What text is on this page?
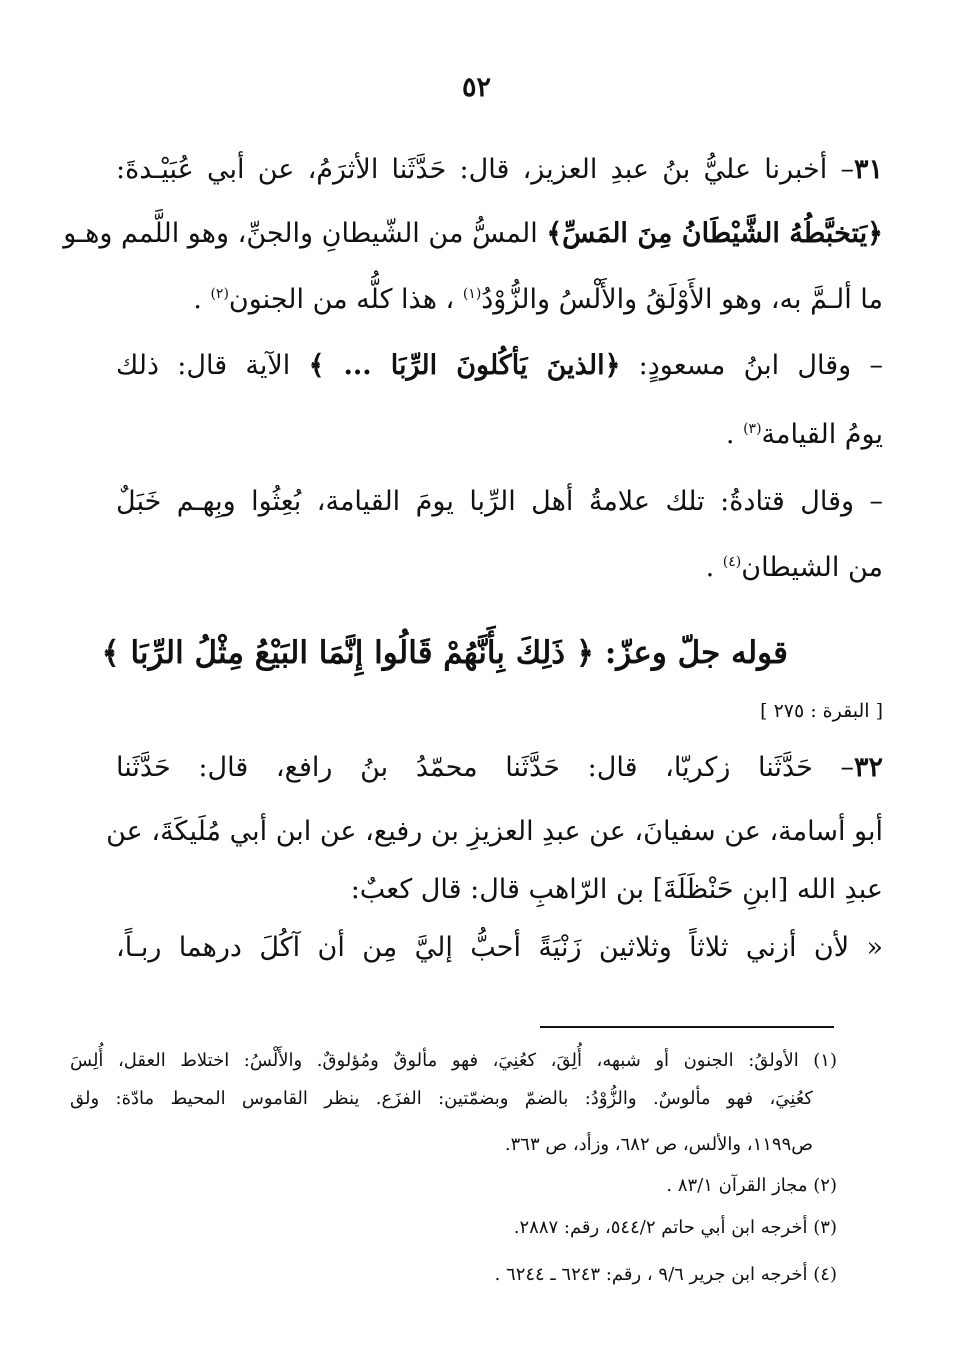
٥٢
٣١– أخبرنا عليُّ بنُ عبدِ العزيز، قال: حَدَّثَنا الأثرَمُ، عن أبي عُبَيْـدةَ:
﴿يَتخبَّطُهُ الشَّيْطَانُ مِنَ المَسِّ﴾ المسُّ من الشّيطانِ والجنِّ، وهو اللَّمم وهـو
ما ألـمَّ به، وهو الأَوْلَقُ والأَلْسُ والزُّوْدُ$^{(١)}$ ، هذا كلُّه من الجنون$^{(٢)}$ .
– وقال ابنُ مسعودٍ: ﴿الذينَ يَأكُلونَ الرِّبَا ... ﴾ الآية قال: ذلك
يومُ القيامة$^{(٣)}$ .
– وقال قتادةُ: تلك علامةُ أهل الرِّبا يومَ القيامة، بُعِثُوا وبِهـم خَبَلٌ
من الشيطان$^{(٤)}$ .
قوله جلّ وعزّ: ﴿ ذَلِكَ بِأَنَّهُمْ قَالُوا إِنَّمَا البَيْعُ مِثْلُ الرِّبَا ﴾
[ البقرة : ٢٧٥ ]
٣٢– حَدَّثَنا زكريّا، قال: حَدَّثَنا محمّدُ بنُ رافع، قال: حَدَّثَنا
أبو أسامة، عن سفيانَ، عن عبدِ العزيزِ بن رفيع، عن ابن أبي مُلَيكَةَ، عن
عبدِ الله [ابنِ حَنْظَلَةَ] بن الرّاهبِ قال: قال كعبٌ:
« لأن أزني ثلاثاً وثلاثين زَنْيَةً أحبُّ إليَّ مِن أن آكُلَ درهما ربـاً،
(١) الأولقُ: الجنون أو شبهه، أُلِقَ، كعُنِيَ، فهو مألوقٌ ومُؤلوقٌ. والأَلْسُ: اختلاط العقل، أُلِسَ
كعُنِيَ، فهو مألوسٌ. والزُّوْدُ: بالضمّ وبضمّتين: الفزَع. ينظر القاموس المحيط مادّة: ولق
ص١١٩٩، والألس، ص ٦٨٢، وزأد، ص ٣٦٣.
(٢) مجاز القرآن ٨٣/١ .
(٣) أخرجه ابن أبي حاتم ٥٤٤/٢، رقم: ٢٨٨٧.
(٤) أخرجه ابن جرير ٩/٦ ، رقم: ٦٢٤٣ ـ ٦٢٤٤ .
